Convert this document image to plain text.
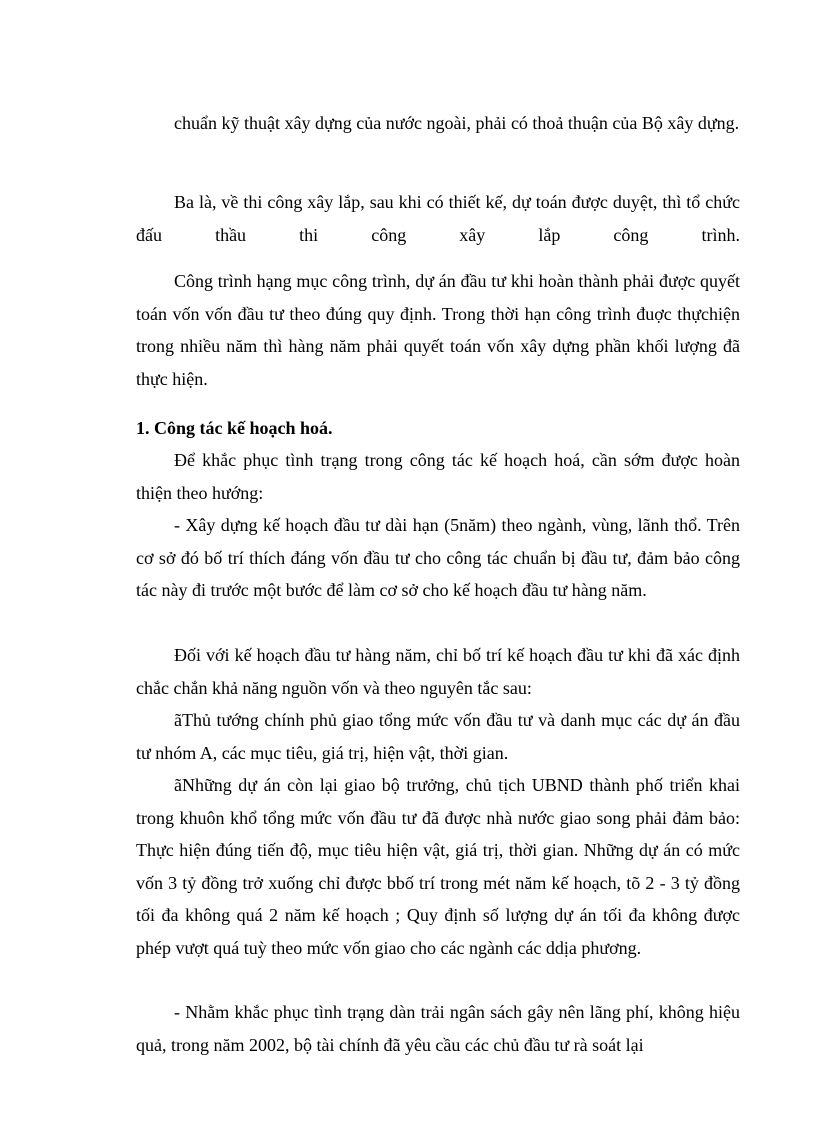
chuẩn kỹ thuật xây dựng của nước ngoài, phải có thoả thuận của Bộ xây dựng.

Ba là, về thi công xây lắp, sau khi có thiết kế, dự toán được duyệt, thì tổ chức đấu thầu thi công xây lắp công trình.

Công trình hạng mục công trình, dự án đầu tư khi hoàn thành phải được quyết toán vốn vốn đầu tư theo đúng quy định. Trong thời hạn công trình đuợc thựchiện trong nhiều năm thì hàng năm phải quyết toán vốn xây dựng phần khối lượng đã thực hiện.

1. Công tác kế hoạch hoá.

Để khắc phục tình trạng trong công tác kế hoạch hoá, cần sớm được hoàn thiện theo hướng:

- Xây dựng kế hoạch đầu tư dài hạn (5năm) theo ngành, vùng, lãnh thổ. Trên cơ sở đó bố trí thích đáng vốn đầu tư cho công tác chuẩn bị đầu tư, đảm bảo công tác này đi trước một bước để làm cơ sở cho kế hoạch đầu tư hàng năm.

Đối với kế hoạch đầu tư hàng năm, chỉ bố trí kế hoạch đầu tư khi đã xác định chắc chắn khả năng nguồn vốn và theo nguyên tắc sau:

ãThủ tướng chính phủ giao tổng mức vốn đầu tư và danh mục các dự án đầu tư nhóm A, các mục tiêu, giá trị, hiện vật, thời gian.

ãNhững dự án còn lại giao bộ trưởng, chủ tịch UBND thành phố triển khai trong khuôn khổ tổng mức vốn đầu tư đã được nhà nước giao song phải đảm bảo: Thực hiện đúng tiến độ, mục tiêu hiện vật, giá trị, thời gian. Những dự án có mức vốn 3 tỷ đồng trở xuống chỉ được bbố trí trong mét năm kế hoạch, tõ 2 - 3 tỷ đồng tối đa không quá 2 năm kế hoạch ; Quy định số lượng dự án tối đa không được phép vượt quá tuỳ theo mức vốn giao cho các ngành các ddịa phương.

- Nhằm khắc phục tình trạng dàn trải ngân sách gây nên lãng phí, không hiệu quả, trong năm 2002, bộ tài chính đã yêu cầu các chủ đầu tư rà soát lại
